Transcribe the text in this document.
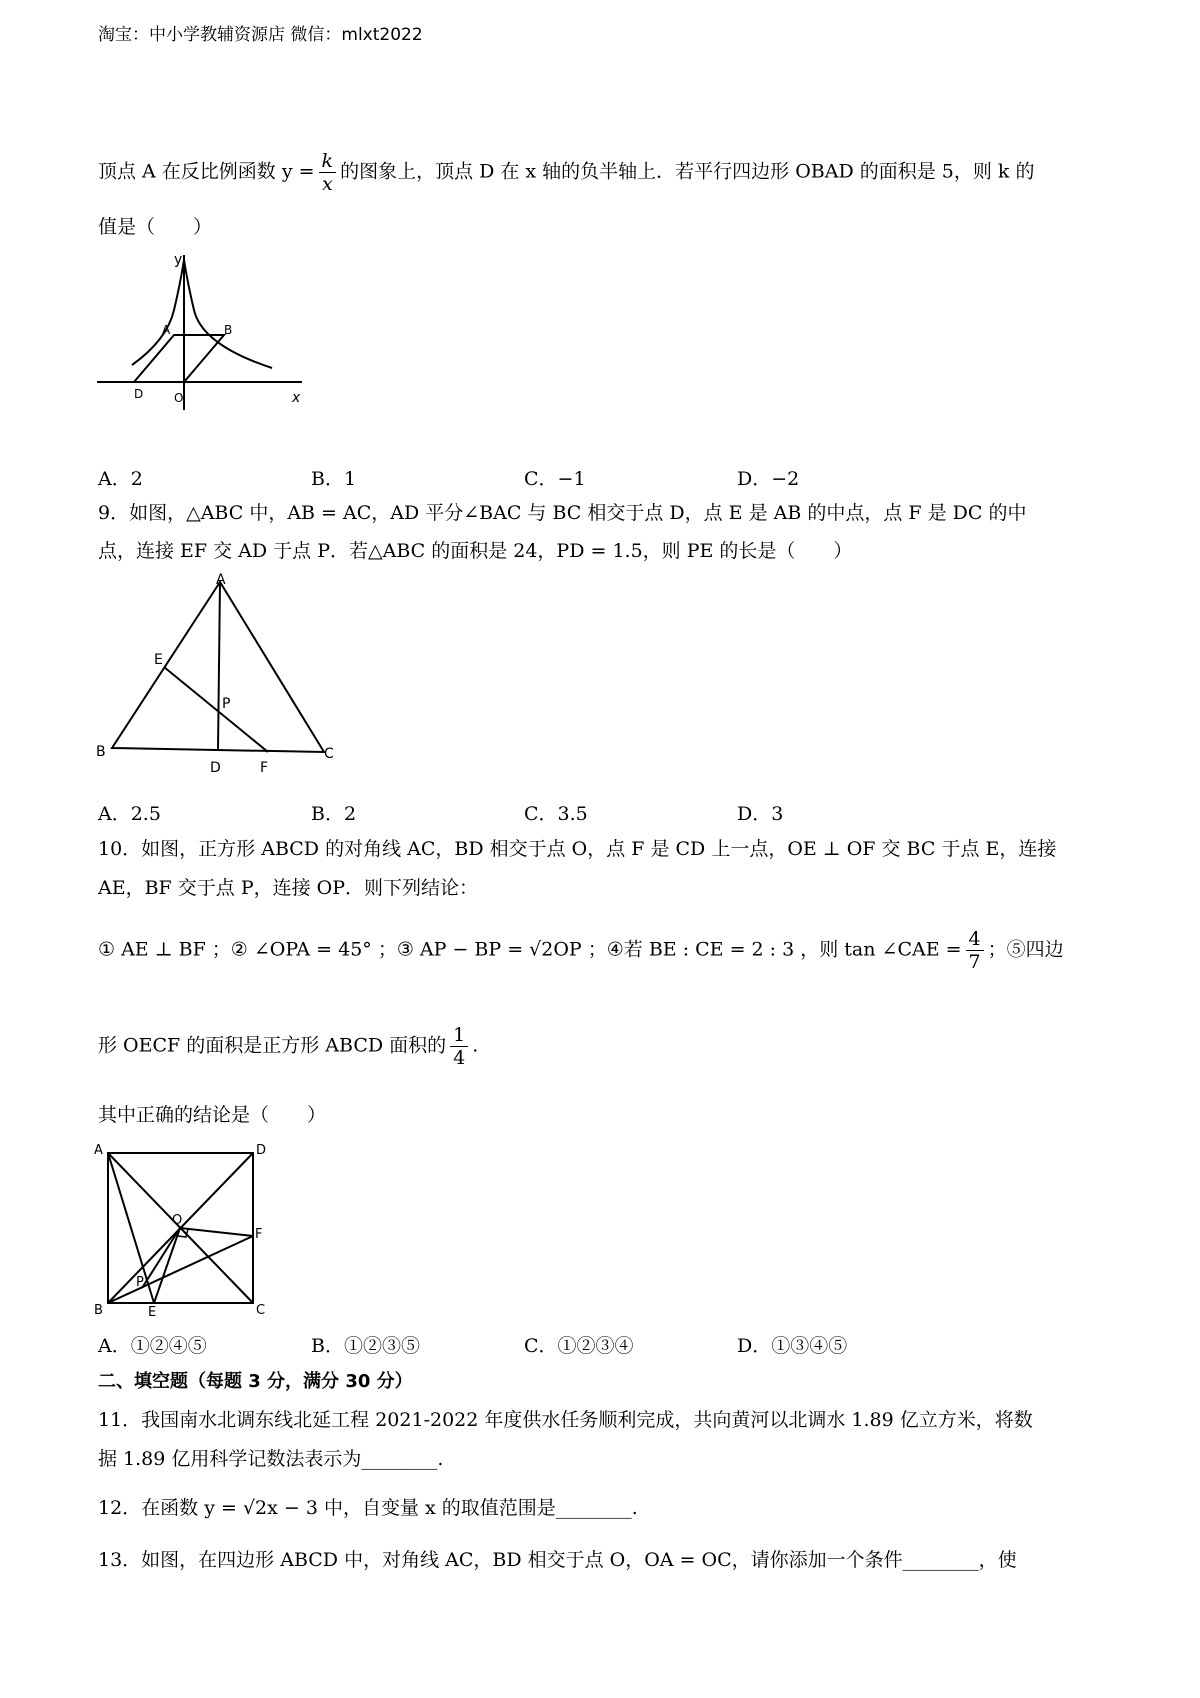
淘宝：中小学教辅资源店 微信：mlxt2022
顶点 A 在反比例函数 $y = \frac{k}{x}$ 的图象上，顶点 D 在 x 轴的负半轴上．若平行四边形 OBAD 的面积是 5，则 k 的
值是（　　）
y
x
A	B
D	O
A．2	B．1	C．−1	D．−2
9．如图，△ABC 中，AB = AC，AD 平分∠BAC 与 BC 相交于点 D，点 E 是 AB 的中点，点 F 是 DC 的中
点，连接 EF 交 AD 于点 P．若△ABC 的面积是 24，PD = 1.5，则 PE 的长是（　　）
A
B	C
D
E
F
P
A．2.5	B．2	C．3.5	D．3
10．如图，正方形 ABCD 的对角线 AC，BD 相交于点 O，点 F 是 CD 上一点，OE ⊥ OF 交 BC 于点 E，连接
AE，BF 交于点 P，连接 OP．则下列结论：
① AE ⊥ BF ；② ∠OPA = 45° ；③ AP − BP = √2OP ；④若 BE : CE = 2 : 3 ，则 tan ∠CAE = $\frac{4}{7}$ ；⑤四边
形 OECF 的面积是正方形 ABCD 面积的 $\frac{1}{4}$ .
其中正确的结论是（　　）
A	D
B	C
E
F
O
P
A．①②④⑤	B．①②③⑤	C．①②③④	D．①③④⑤
二、填空题（每题 3 分，满分 30 分）
11．我国南水北调东线北延工程 2021-2022 年度供水任务顺利完成，共向黄河以北调水 1.89 亿立方米，将数
据 1.89 亿用科学记数法表示为________.
12．在函数 y = √2x − 3 中，自变量 x 的取值范围是________.
13．如图，在四边形 ABCD 中，对角线 AC，BD 相交于点 O，OA = OC，请你添加一个条件________，使
